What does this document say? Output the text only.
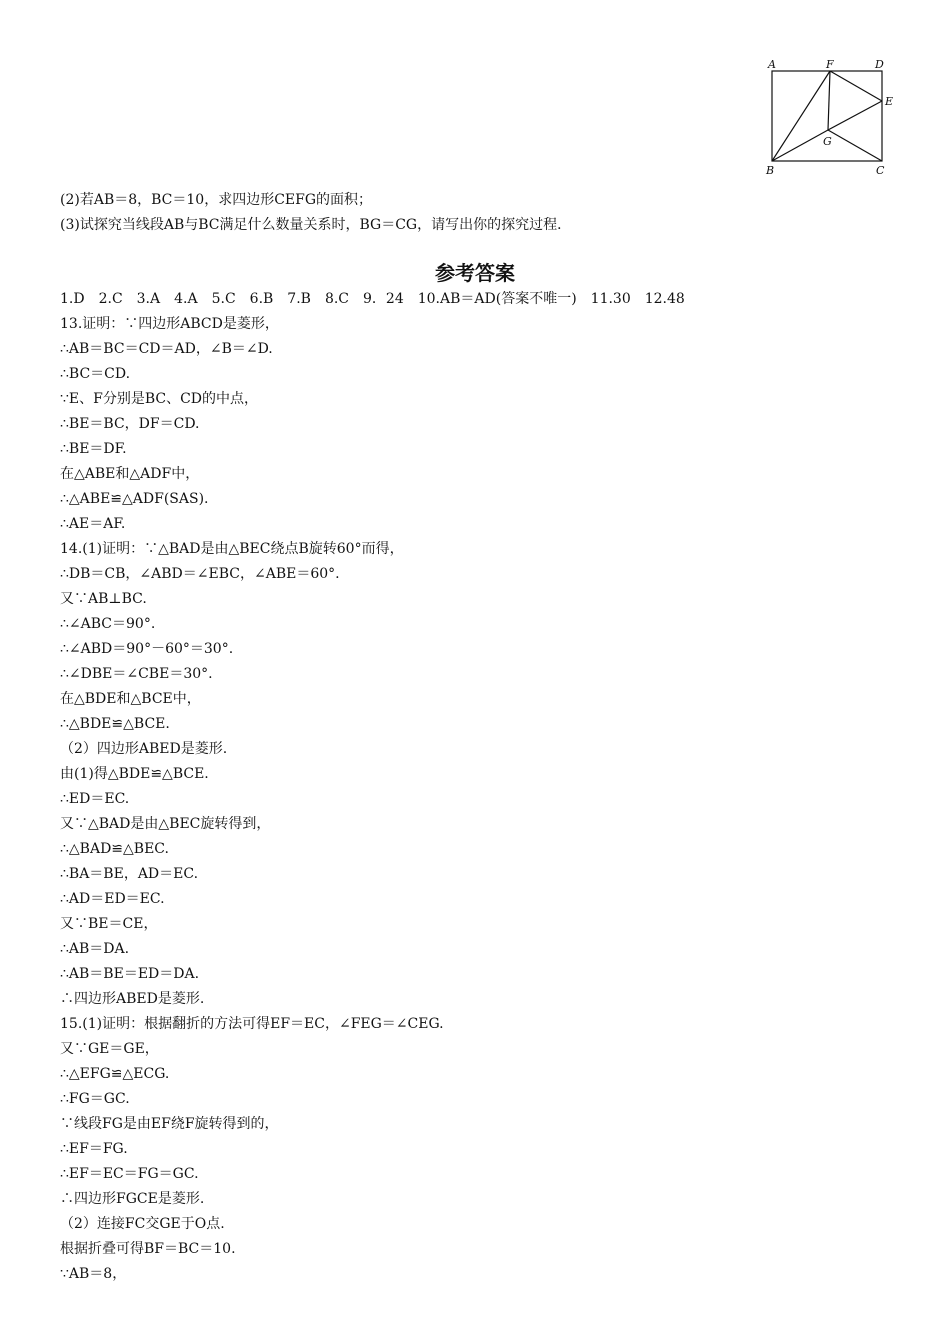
A	F	D
E
G
B	C
(2)若AB＝8，BC＝10，求四边形CEFG的面积；
(3)试探究当线段AB与BC满足什么数量关系时，BG＝CG，请写出你的探究过程．
参考答案
1.D　2.C　3.A　4.A　5.C　6.B　7.B　8.C　9．24　10.AB＝AD(答案不唯一)　11.30　12.48
13.证明：∵四边形ABCD是菱形，
∴AB＝BC＝CD＝AD，∠B＝∠D.
∴BC＝CD.
∵E、F分别是BC、CD的中点，
∴BE＝BC，DF＝CD.
∴BE＝DF.
在△ABE和△ADF中，
∴△ABE≌△ADF(SAS).
∴AE＝AF.
14.(1)证明：∵△BAD是由△BEC绕点B旋转60°而得，
∴DB＝CB，∠ABD＝∠EBC，∠ABE＝60°.
又∵AB⊥BC.
∴∠ABC＝90°.
∴∠ABD＝90°－60°＝30°.
∴∠DBE＝∠CBE＝30°.
在△BDE和△BCE中，
∴△BDE≌△BCE.
（2）四边形ABED是菱形.
由(1)得△BDE≌△BCE.
∴ED＝EC.
又∵△BAD是由△BEC旋转得到，
∴△BAD≌△BEC.
∴BA＝BE，AD＝EC.
∴AD＝ED＝EC.
又∵BE＝CE，
∴AB＝DA.
∴AB＝BE＝ED＝DA.
∴四边形ABED是菱形.
15.(1)证明：根据翻折的方法可得EF＝EC，∠FEG＝∠CEG.
又∵GE＝GE，
∴△EFG≌△ECG.
∴FG＝GC.
∵线段FG是由EF绕F旋转得到的，
∴EF＝FG.
∴EF＝EC＝FG＝GC.
∴四边形FGCE是菱形.
（2）连接FC交GE于O点.
根据折叠可得BF＝BC＝10.
∵AB＝8，
